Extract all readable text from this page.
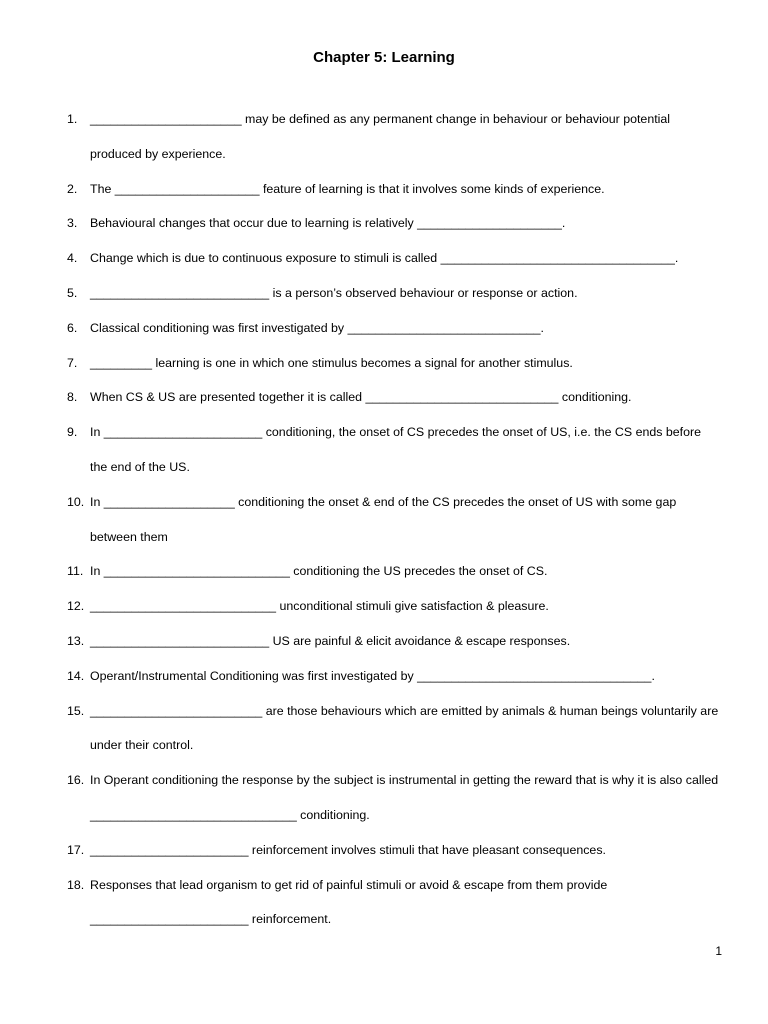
Chapter 5: Learning
1.	______________________ may be defined as any permanent change in behaviour or behaviour potential produced by experience.
2.	The _____________________ feature of learning is that it involves some kinds of experience.
3.	Behavioural changes that occur due to learning is relatively _____________________.
4.	Change which is due to continuous exposure to stimuli is called __________________________________.
5.	__________________________ is a person’s observed behaviour or response or action.
6.	Classical conditioning was first investigated by ____________________________.
7.	_________ learning is one in which one stimulus becomes a signal for another stimulus.
8.	When CS & US are presented together it is called ____________________________ conditioning.
9.	In _______________________ conditioning, the onset of CS precedes the onset of US, i.e. the CS ends before the end of the US.
10. In ___________________ conditioning the onset & end of the CS precedes the onset of US with some gap between them
11. In ___________________________ conditioning the US precedes the onset of CS.
12. ___________________________ unconditional stimuli give satisfaction & pleasure.
13. __________________________ US are painful & elicit avoidance & escape responses.
14. Operant/Instrumental Conditioning was first investigated by __________________________________.
15. _________________________ are those behaviours which are emitted by animals & human beings voluntarily are under their control.
16. In Operant conditioning the response by the subject is instrumental in getting the reward that is why it is also called ______________________________ conditioning.
17. _______________________ reinforcement involves stimuli that have pleasant consequences.
18. Responses that lead organism to get rid of painful stimuli or avoid & escape from them provide _______________________ reinforcement.
1
